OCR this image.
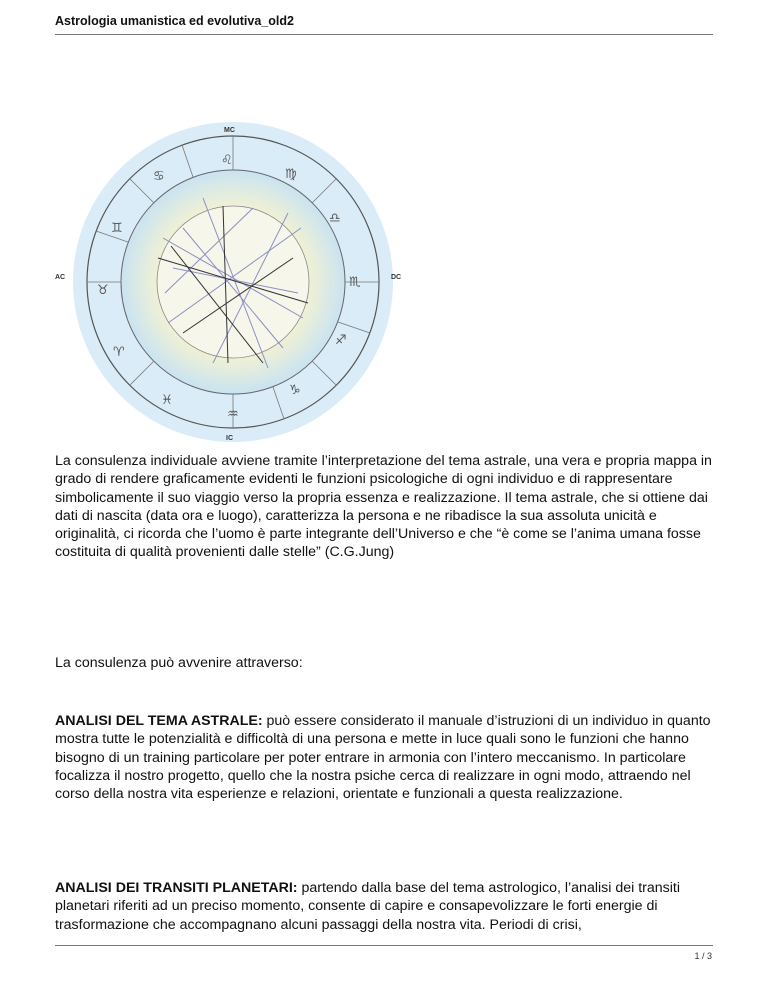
Astrologia umanistica ed evolutiva_old2
♌
♍
♎
♏
♐
♑
♒
♓
♈
♉
♊
♋
MC
IC
AC	DC

La consulenza individuale avviene tramite l’interpretazione del tema astrale, una vera e propria mappa in grado di rendere graficamente evidenti le funzioni psicologiche di ogni individuo e di rappresentare simbolicamente il suo viaggio verso la propria essenza e realizzazione. Il tema astrale, che si ottiene dai dati di nascita (data ora e luogo), caratterizza la persona e ne ribadisce la sua assoluta unicità e originalità, ci ricorda che l’uomo è parte integrante dell’Universo e che “è come se l’anima umana fosse costituita di qualità provenienti dalle stelle” (C.G.Jung)

La consulenza può avvenire attraverso:

ANALISI DEL TEMA ASTRALE: può essere considerato il manuale d’istruzioni di un individuo in quanto mostra tutte le potenzialità e difficoltà di una persona e mette in luce quali sono le funzioni che hanno bisogno di un training particolare per poter entrare in armonia con l’intero meccanismo. In particolare focalizza il nostro progetto, quello che la nostra psiche cerca di realizzare in ogni modo, attraendo nel corso della nostra vita esperienze e relazioni, orientate e funzionali a questa realizzazione.

ANALISI DEI TRANSITI PLANETARI: partendo dalla base del tema astrologico, l’analisi dei transiti planetari riferiti ad un preciso momento, consente di capire e consapevolizzare le forti energie di trasformazione che accompagnano alcuni passaggi della nostra vita. Periodi di crisi,

1 / 3
